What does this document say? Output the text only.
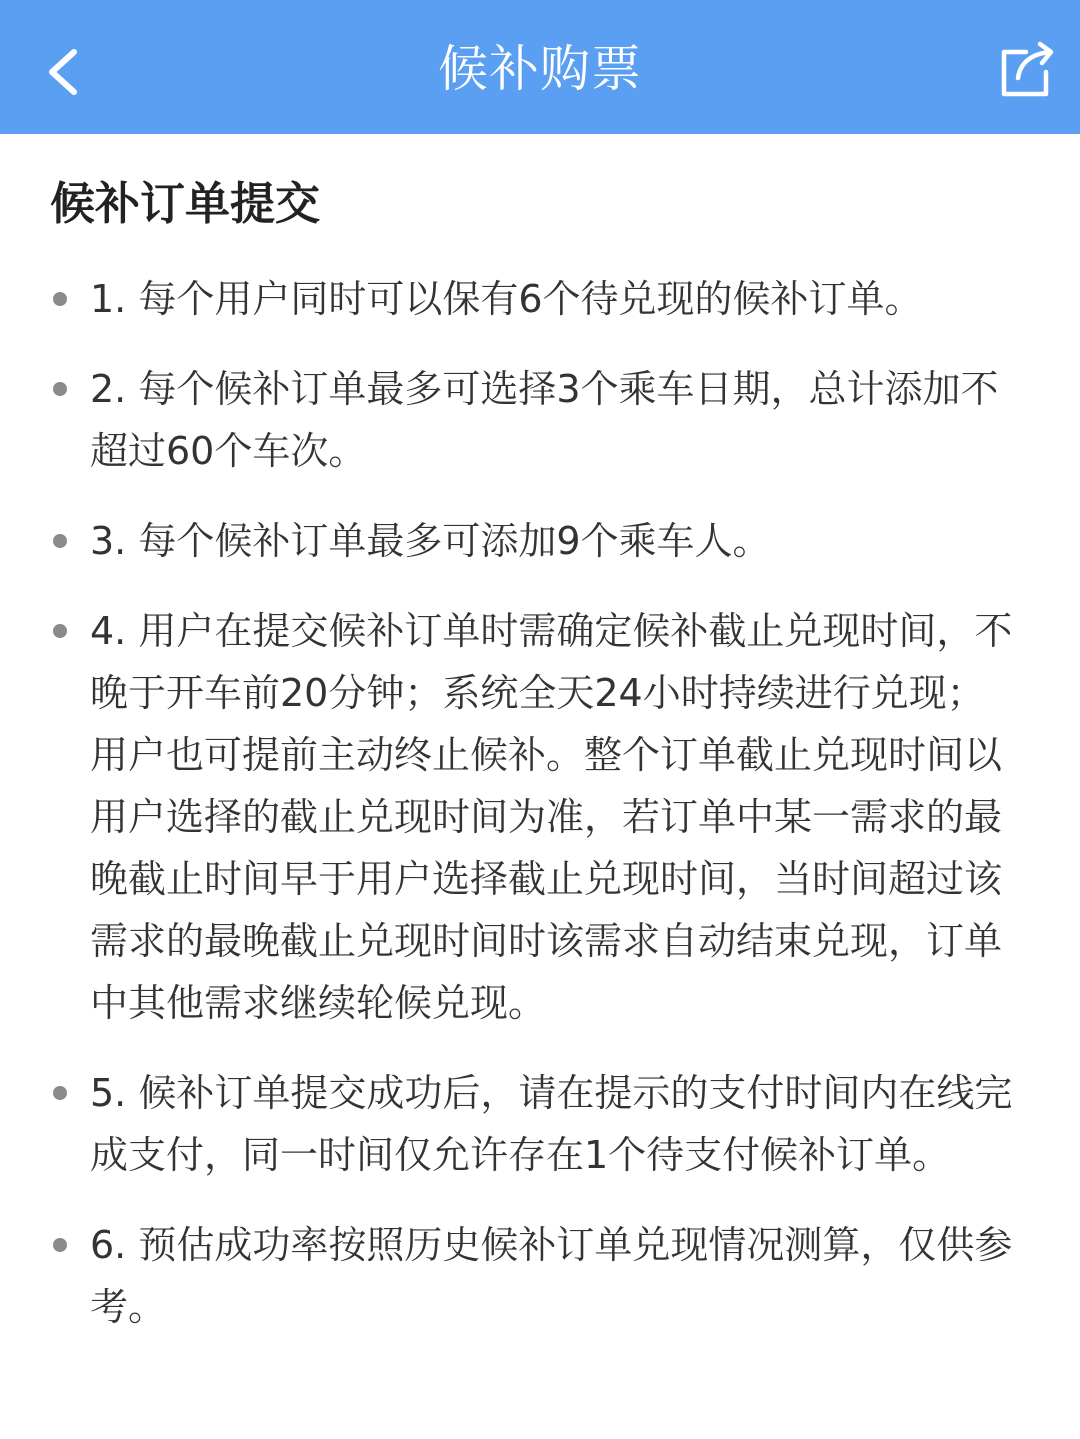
候补购票
候补订单提交
1. 每个用户同时可以保有6个待兑现的候补订单。
2. 每个候补订单最多可选择3个乘车日期，总计添加不超过60个车次。
3. 每个候补订单最多可添加9个乘车人。
4. 用户在提交候补订单时需确定候补截止兑现时间，不晚于开车前20分钟；系统全天24小时持续进行兑现；用户也可提前主动终止候补。整个订单截止兑现时间以用户选择的截止兑现时间为准，若订单中某一需求的最晚截止时间早于用户选择截止兑现时间，当时间超过该需求的最晚截止兑现时间时该需求自动结束兑现，订单中其他需求继续轮候兑现。
5. 候补订单提交成功后，请在提示的支付时间内在线完成支付，同一时间仅允许存在1个待支付候补订单。
6. 预估成功率按照历史候补订单兑现情况测算，仅供参考。
